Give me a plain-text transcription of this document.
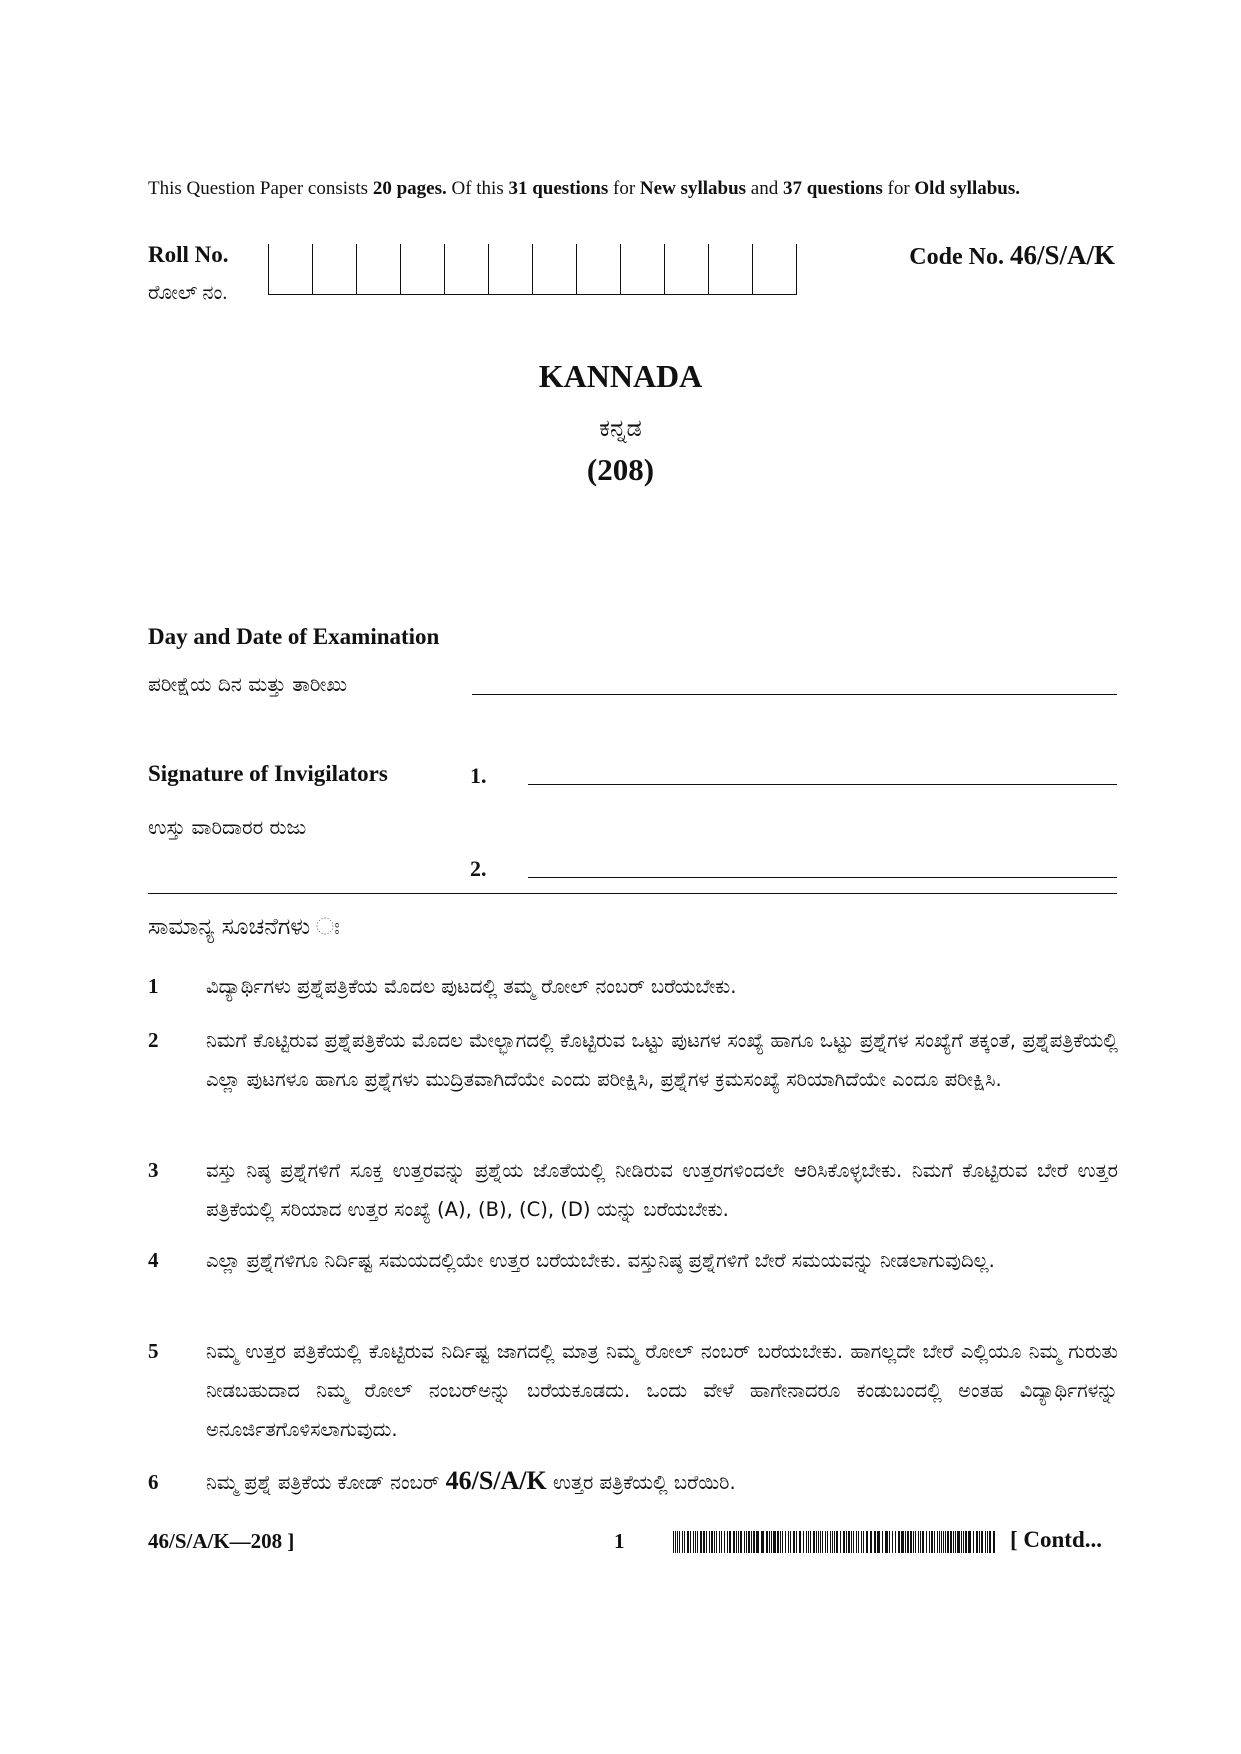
This Question Paper consists 20 pages. Of this 31 questions for New syllabus and 37 questions for Old syllabus.
Roll No.
ರೋಲ್ ನಂ.
Code No. 46/S/A/K
KANNADA
ಕನ್ನಡ
(208)
Day and Date of Examination
ಪರೀಕ್ಷೆಯ ದಿನ ಮತ್ತು ತಾರೀಖು
Signature of Invigilators	1.
ಉಸ್ತು ವಾರಿದಾರರ ರುಜು
2.
ಸಾಮಾನ್ಯ ಸೂಚನೆಗಳು ಃ
1 ವಿದ್ಯಾರ್ಥಿಗಳು ಪ್ರಶ್ನೆಪತ್ರಿಕೆಯ ಮೊದಲ ಪುಟದಲ್ಲಿ ತಮ್ಮ ರೋಲ್ ನಂಬರ್ ಬರೆಯಬೇಕು.
2 ನಿಮಗೆ ಕೊಟ್ಟಿರುವ ಪ್ರಶ್ನೆಪತ್ರಿಕೆಯ ಮೊದಲ ಮೇಲ್ಭಾಗದಲ್ಲಿ ಕೊಟ್ಟಿರುವ ಒಟ್ಟು ಪುಟಗಳ ಸಂಖ್ಯೆ ಹಾಗೂ ಒಟ್ಟು ಪ್ರಶ್ನೆಗಳ ಸಂಖ್ಯೆಗೆ ತಕ್ಕಂತೆ, ಪ್ರಶ್ನೆಪತ್ರಿಕೆಯಲ್ಲಿ ಎಲ್ಲಾ ಪುಟಗಳೂ ಹಾಗೂ ಪ್ರಶ್ನೆಗಳು ಮುದ್ರಿತವಾಗಿದೆಯೇ ಎಂದು ಪರೀಕ್ಷಿಸಿ, ಪ್ರಶ್ನೆಗಳ ಕ್ರಮಸಂಖ್ಯೆ ಸರಿಯಾಗಿದೆಯೇ ಎಂದೂ ಪರೀಕ್ಷಿಸಿ.
3 ವಸ್ತು ನಿಷ್ಠ ಪ್ರಶ್ನೆಗಳಿಗೆ ಸೂಕ್ತ ಉತ್ತರವನ್ನು ಪ್ರಶ್ನೆಯ ಜೊತೆಯಲ್ಲಿ ನೀಡಿರುವ ಉತ್ತರಗಳಿಂದಲೇ ಆರಿಸಿಕೊಳ್ಳಬೇಕು. ನಿಮಗೆ ಕೊಟ್ಟಿರುವ ಬೇರೆ ಉತ್ತರ ಪತ್ರಿಕೆಯಲ್ಲಿ ಸರಿಯಾದ ಉತ್ತರ ಸಂಖ್ಯೆ (A), (B), (C), (D) ಯನ್ನು ಬರೆಯಬೇಕು.
4 ಎಲ್ಲಾ ಪ್ರಶ್ನೆಗಳಿಗೂ ನಿರ್ದಿಷ್ಟ ಸಮಯದಲ್ಲಿಯೇ ಉತ್ತರ ಬರೆಯಬೇಕು. ವಸ್ತುನಿಷ್ಠ ಪ್ರಶ್ನೆಗಳಿಗೆ ಬೇರೆ ಸಮಯವನ್ನು ನೀಡಲಾಗುವುದಿಲ್ಲ.
5 ನಿಮ್ಮ ಉತ್ತರ ಪತ್ರಿಕೆಯಲ್ಲಿ ಕೊಟ್ಟಿರುವ ನಿರ್ದಿಷ್ಟ ಜಾಗದಲ್ಲಿ ಮಾತ್ರ ನಿಮ್ಮ ರೋಲ್ ನಂಬರ್ ಬರೆಯಬೇಕು. ಹಾಗಲ್ಲದೇ ಬೇರೆ ಎಲ್ಲಿಯೂ ನಿಮ್ಮ ಗುರುತು ನೀಡಬಹುದಾದ ನಿಮ್ಮ ರೋಲ್ ನಂಬರ್‌ಅನ್ನು ಬರೆಯಕೂಡದು. ಒಂದು ವೇಳೆ ಹಾಗೇನಾದರೂ ಕಂಡುಬಂದಲ್ಲಿ ಅಂತಹ ವಿದ್ಯಾರ್ಥಿಗಳನ್ನು ಅನೂರ್ಜಿತಗೊಳಿಸಲಾಗುವುದು.
6 ನಿಮ್ಮ ಪ್ರಶ್ನೆ ಪತ್ರಿಕೆಯ ಕೋಡ್ ನಂಬರ್ 46/S/A/K ಉತ್ತರ ಪತ್ರಿಕೆಯಲ್ಲಿ ಬರೆಯಿರಿ.
46/S/A/K—208 ]	1	[ Contd...
